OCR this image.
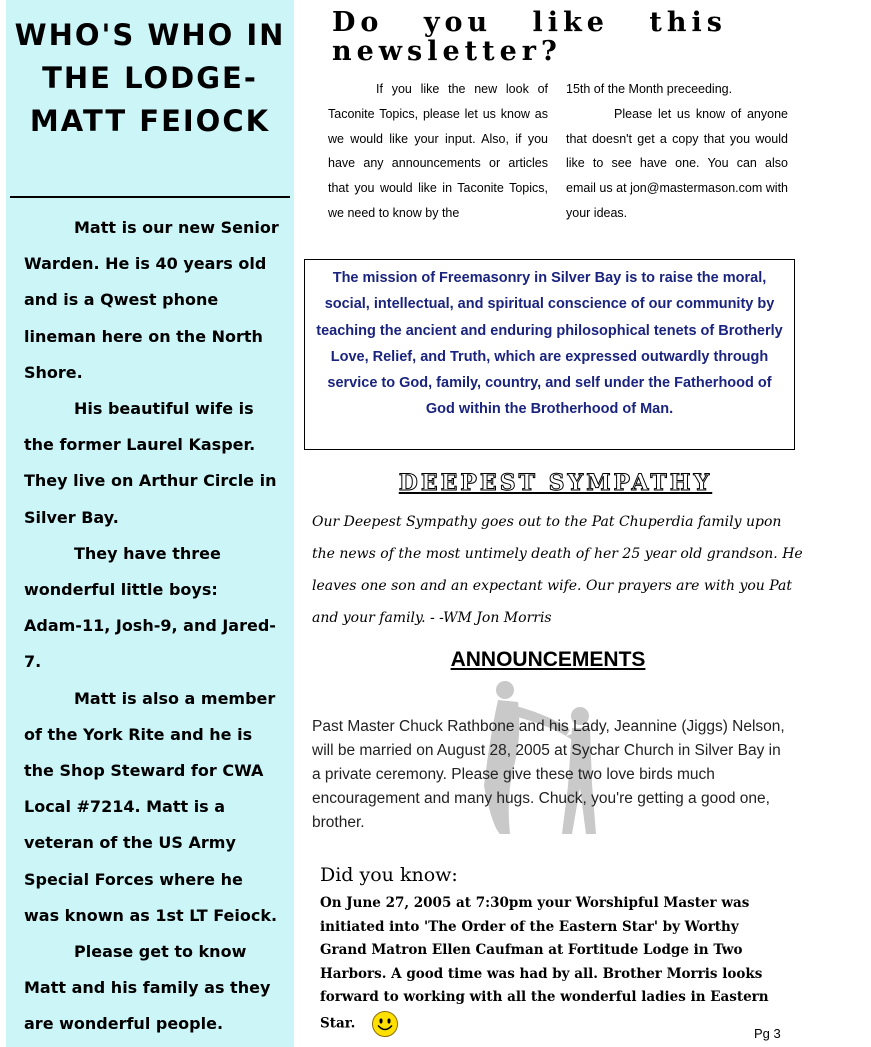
WHO'S WHO IN THE LODGE- MATT FEIOCK

Matt is our new Senior Warden. He is 40 years old and is a Qwest phone lineman here on the North Shore.

His beautiful wife is the former Laurel Kasper. They live on Arthur Circle in Silver Bay.

They have three wonderful little boys: Adam-11, Josh-9, and Jared-7.

Matt is also a member of the York Rite and he is the Shop Steward for CWA Local #7214. Matt is a veteran of the US Army Special Forces where he was known as 1st LT Feiock.

Please get to know Matt and his family as they are wonderful people.

Do you like this newsletter?

If you like the new look of Taconite Topics, please let us know as we would like your input. Also, if you have any announcements or articles that you would like in Taconite Topics, we need to know by the

15th of the Month preceeding.

Please let us know of anyone that doesn't get a copy that you would like to see have one. You can also email us at jon@mastermason.com with your ideas.

The mission of Freemasonry in Silver Bay is to raise the moral, social, intellectual, and spiritual conscience of our community by teaching the ancient and enduring philosophical tenets of Brotherly Love, Relief, and Truth, which are expressed outwardly through service to God, family, country, and self under the Fatherhood of God within the Brotherhood of Man.
DEEPEST SYMPATHY

Our Deepest Sympathy goes out to the Pat Chuperdia family upon the news of the most untimely death of her 25 year old grandson. He leaves one son and an expectant wife. Our prayers are with you Pat and your family. - -WM Jon Morris

ANNOUNCEMENTS

Past Master Chuck Rathbone and his Lady, Jeannine (Jiggs) Nelson, will be married on August 28, 2005 at Sychar Church in Silver Bay in a private ceremony. Please give these two love birds much encouragement and many hugs. Chuck, you're getting a good one, brother.

Did you know:

On June 27, 2005 at 7:30pm your Worshipful Master was initiated into 'The Order of the Eastern Star' by Worthy Grand Matron Ellen Caufman at Fortitude Lodge in Two Harbors. A good time was had by all. Brother Morris looks forward to working with all the wonderful ladies in Eastern Star.

Pg 3
